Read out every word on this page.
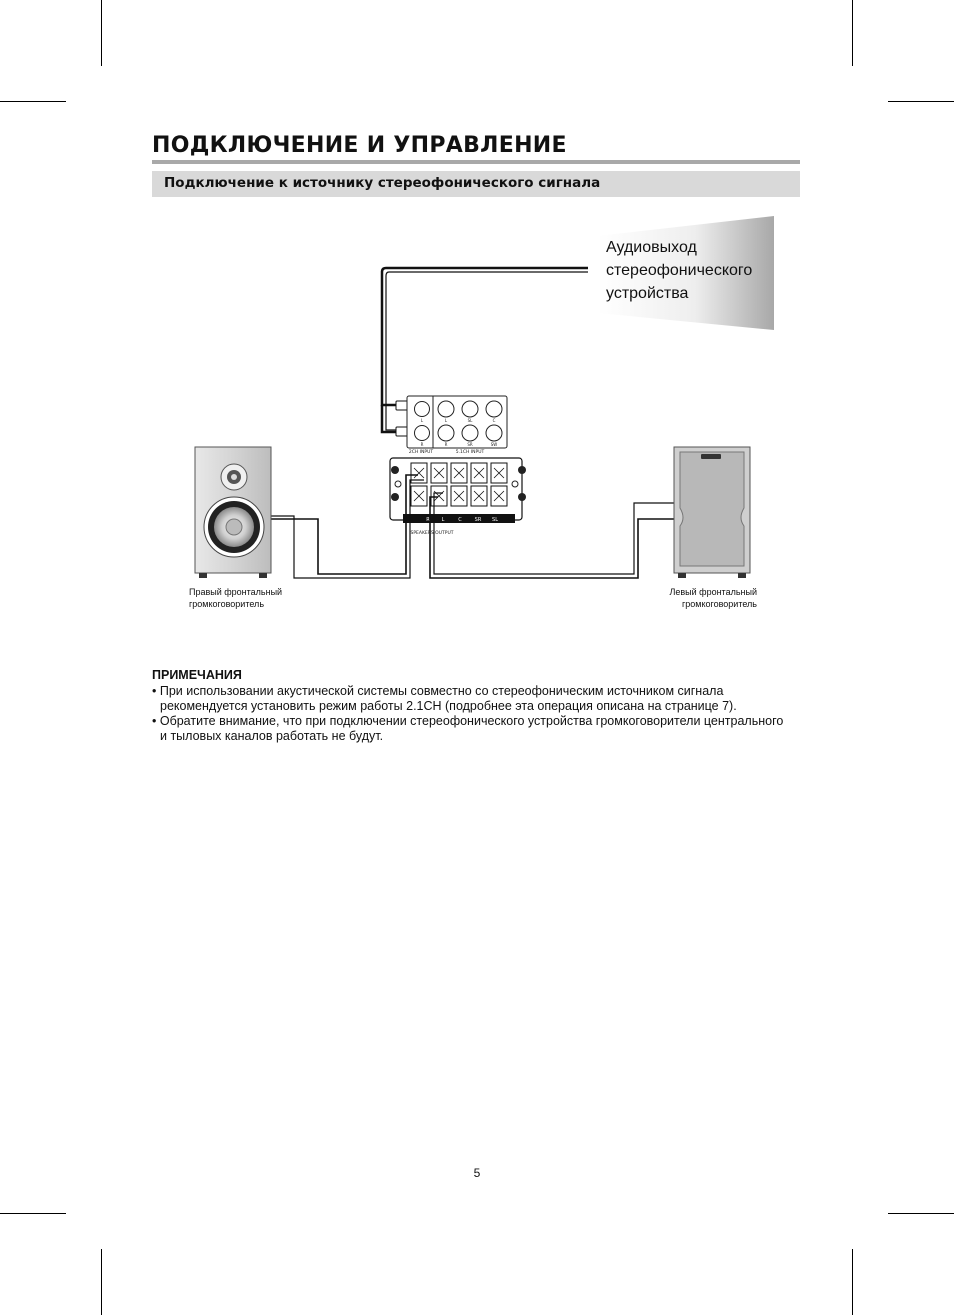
ПОДКЛЮЧЕНИЕ И УПРАВЛЕНИЕ
Подключение к источнику стереофонического сигнала
L	L	SL	C
R	R	SR	SW
2CH INPUT	5.1CH INPUT
R L	C	SR SL
SPEAKERS OUTPUT
Аудиовыход стереофонического устройства
Правый фронтальный громкоговоритель
Левый фронтальный громкоговоритель
ПРИМЕЧАНИЯ
• При использовании акустической системы совместно со стереофоническим источником сигнала рекомендуется установить режим работы 2.1CH (подробнее эта операция описана на странице 7).
• Обратите внимание, что при подключении стереофонического устройства громкоговорители центрального и тыловых каналов работать не будут.
5
